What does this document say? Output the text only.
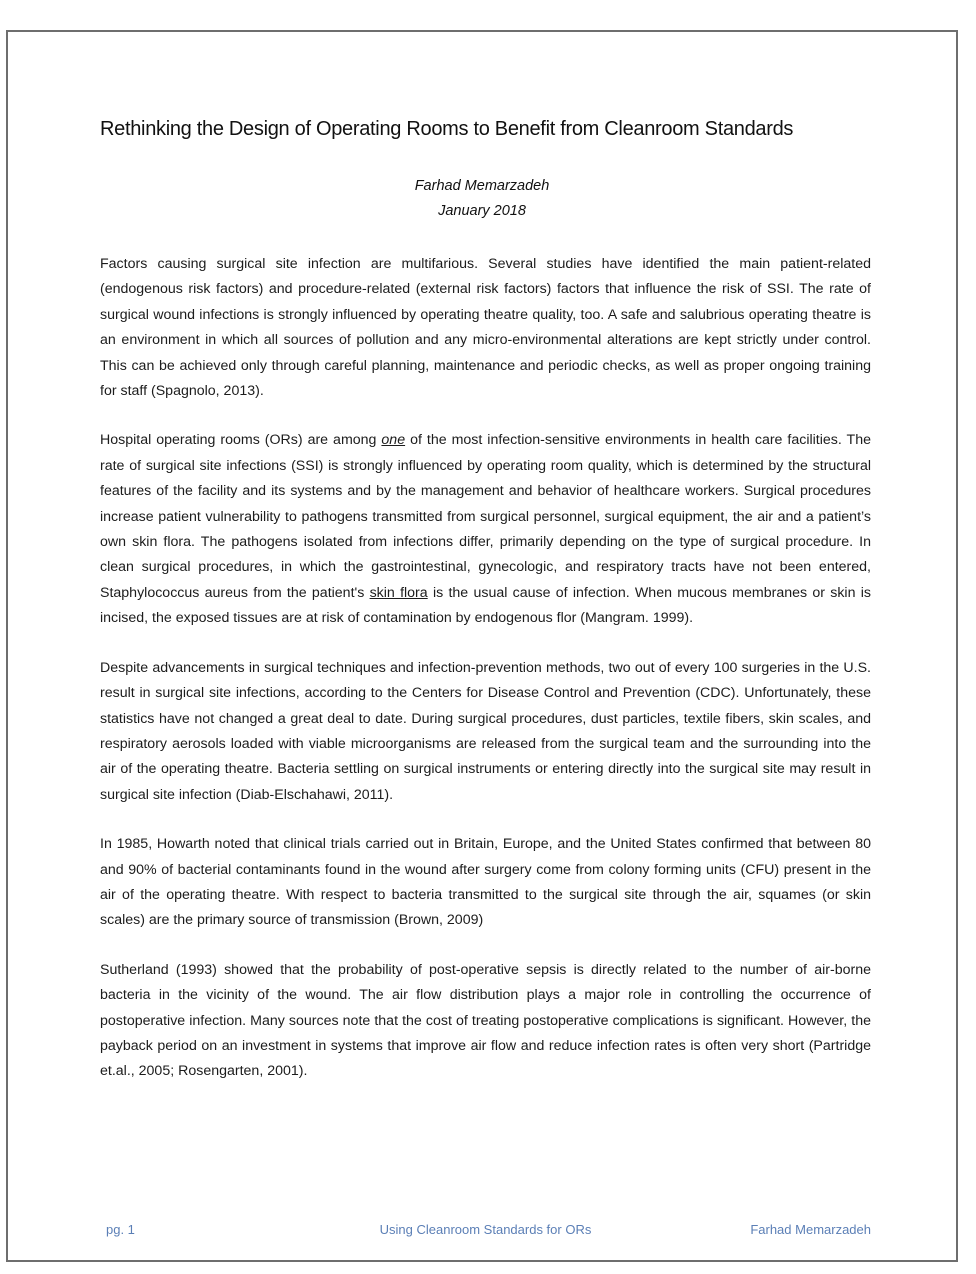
Rethinking the Design of Operating Rooms to Benefit from Cleanroom Standards
Farhad Memarzadeh
January 2018

Factors causing surgical site infection are multifarious. Several studies have identified the main patient-related (endogenous risk factors) and procedure-related (external risk factors) factors that influence the risk of SSI. The rate of surgical wound infections is strongly influenced by operating theatre quality, too. A safe and salubrious operating theatre is an environment in which all sources of pollution and any micro-environmental alterations are kept strictly under control. This can be achieved only through careful planning, maintenance and periodic checks, as well as proper ongoing training for staff (Spagnolo, 2013).

Hospital operating rooms (ORs) are among one of the most infection-sensitive environments in health care facilities. The rate of surgical site infections (SSI) is strongly influenced by operating room quality, which is determined by the structural features of the facility and its systems and by the management and behavior of healthcare workers. Surgical procedures increase patient vulnerability to pathogens transmitted from surgical personnel, surgical equipment, the air and a patient’s own skin flora. The pathogens isolated from infections differ, primarily depending on the type of surgical procedure. In clean surgical procedures, in which the gastrointestinal, gynecologic, and respiratory tracts have not been entered, Staphylococcus aureus from the patient's skin flora is the usual cause of infection. When mucous membranes or skin is incised, the exposed tissues are at risk of contamination by endogenous flor (Mangram. 1999).

Despite advancements in surgical techniques and infection-prevention methods, two out of every 100 surgeries in the U.S. result in surgical site infections, according to the Centers for Disease Control and Prevention (CDC). Unfortunately, these statistics have not changed a great deal to date. During surgical procedures, dust particles, textile fibers, skin scales, and respiratory aerosols loaded with viable microorganisms are released from the surgical team and the surrounding into the air of the operating theatre. Bacteria settling on surgical instruments or entering directly into the surgical site may result in surgical site infection (Diab-Elschahawi, 2011).

In 1985, Howarth noted that clinical trials carried out in Britain, Europe, and the United States confirmed that between 80 and 90% of bacterial contaminants found in the wound after surgery come from colony forming units (CFU) present in the air of the operating theatre. With respect to bacteria transmitted to the surgical site through the air, squames (or skin scales) are the primary source of transmission (Brown, 2009)

Sutherland (1993) showed that the probability of post-operative sepsis is directly related to the number of air-borne bacteria in the vicinity of the wound. The air flow distribution plays a major role in controlling the occurrence of postoperative infection. Many sources note that the cost of treating postoperative complications is significant. However, the payback period on an investment in systems that improve air flow and reduce infection rates is often very short (Partridge et.al., 2005; Rosengarten, 2001).

pg. 1	Using Cleanroom Standards for ORs	Farhad Memarzadeh
